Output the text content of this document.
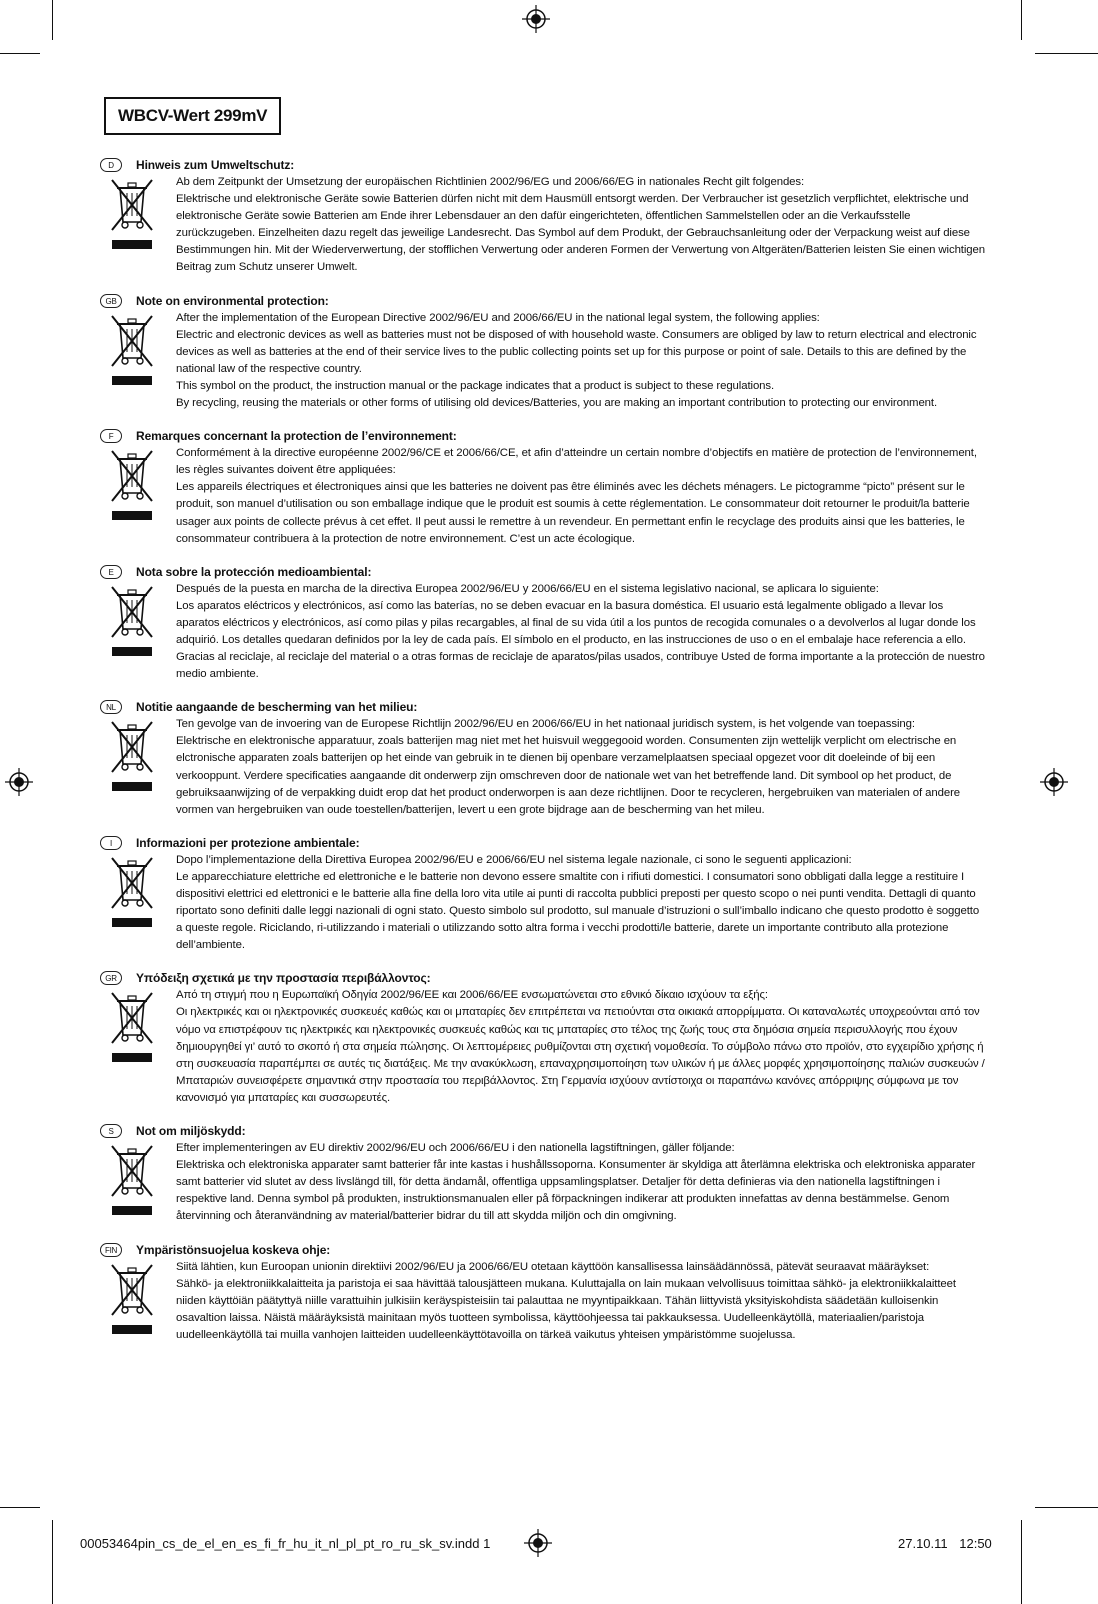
WBCV-Wert 299mV
D	Hinweis zum Umweltschutz:

Ab dem Zeitpunkt der Umsetzung der europäischen Richtlinien 2002/96/EG und 2006/66/EG in nationales Recht gilt folgendes:

Elektrische und elektronische Geräte sowie Batterien dürfen nicht mit dem Hausmüll entsorgt werden. Der Verbraucher ist gesetzlich verpflichtet, elektrische und elektronische Geräte sowie Batterien am Ende ihrer Lebensdauer an den dafür eingerichteten, öffentlichen Sammelstellen oder an die Verkaufsstelle zurückzugeben. Einzelheiten dazu regelt das jeweilige Landesrecht. Das Symbol auf dem Produkt, der Gebrauchsanleitung oder der Verpackung weist auf diese Bestimmungen hin. Mit der Wiederverwertung, der stofflichen Verwertung oder anderen Formen der Verwertung von Altgeräten/Batterien leisten Sie einen wichtigen Beitrag zum Schutz unserer Umwelt.

GB	Note on environmental protection:

After the implementation of the European Directive 2002/96/EU and 2006/66/EU in the national legal system, the following applies:

Electric and electronic devices as well as batteries must not be disposed of with household waste. Consumers are obliged by law to return electrical and electronic devices as well as batteries at the end of their service lives to the public collecting points set up for this purpose or point of sale. Details to this are defined by the national law of the respective country.

This symbol on the product, the instruction manual or the package indicates that a product is subject to these regulations.

By recycling, reusing the materials or other forms of utilising old devices/Batteries, you are making an important contribution to protecting our environment.

F	Remarques concernant la protection de l’environnement:

Conformément à la directive européenne 2002/96/CE et 2006/66/CE, et afin d’atteindre un certain nombre d’objectifs en matière de protection de l’environnement, les règles suivantes doivent être appliquées:

Les appareils électriques et électroniques ainsi que les batteries ne doivent pas être éliminés avec les déchets ménagers. Le pictogramme “picto” présent sur le produit, son manuel d’utilisation ou son emballage indique que le produit est soumis à cette réglementation. Le consommateur doit retourner le produit/la batterie usager aux points de collecte prévus à cet effet. Il peut aussi le remettre à un revendeur. En permettant enfin le recyclage des produits ainsi que les batteries, le consommateur contribuera à la protection de notre environnement. C’est un acte écologique.

E	Nota sobre la protección medioambiental:

Después de la puesta en marcha de la directiva Europea 2002/96/EU y 2006/66/EU en el sistema legislativo nacional, se aplicara lo siguiente:

Los aparatos eléctricos y electrónicos, así como las baterías, no se deben evacuar en la basura doméstica. El usuario está legalmente obligado a llevar los aparatos eléctricos y electrónicos, así como pilas y pilas recargables, al final de su vida útil a los puntos de recogida comunales o a devolverlos al lugar donde los adquirió. Los detalles quedaran definidos por la ley de cada país. El símbolo en el producto, en las instrucciones de uso o en el embalaje hace referencia a ello. Gracias al reciclaje, al reciclaje del material o a otras formas de reciclaje de aparatos/pilas usados, contribuye Usted de forma importante a la protección de nuestro medio ambiente.

NL	Notitie aangaande de bescherming van het milieu:

Ten gevolge van de invoering van de Europese Richtlijn 2002/96/EU en 2006/66/EU in het nationaal juridisch system, is het volgende van toepassing:

Elektrische en elektronische apparatuur, zoals batterijen mag niet met het huisvuil weggegooid worden. Consumenten zijn wettelijk verplicht om electrische en elctronische apparaten zoals batterijen op het einde van gebruik in te dienen bij openbare verzamelplaatsen speciaal opgezet voor dit doeleinde of bij een verkooppunt. Verdere specificaties aangaande dit onderwerp zijn omschreven door de nationale wet van het betreffende land. Dit symbool op het product, de gebruiksaanwijzing of de verpakking duidt erop dat het product onderworpen is aan deze richtlijnen. Door te recycleren, hergebruiken van materialen of andere vormen van hergebruiken van oude toestellen/batterijen, levert u een grote bijdrage aan de bescherming van het mileu.

I	Informazioni per protezione ambientale:

Dopo l’implementazione della Direttiva Europea 2002/96/EU e 2006/66/EU nel sistema legale nazionale, ci sono le seguenti applicazioni:

Le apparecchiature elettriche ed elettroniche e le batterie non devono essere smaltite con i rifiuti domestici. I consumatori sono obbligati dalla legge a restituire I dispositivi elettrici ed elettronici e le batterie alla fine della loro vita utile ai punti di raccolta pubblici preposti per questo scopo o nei punti vendita. Dettagli di quanto riportato sono definiti dalle leggi nazionali di ogni stato. Questo simbolo sul prodotto, sul manuale d’istruzioni o sull’imballo indicano che questo prodotto è soggetto a queste regole. Riciclando, ri-utilizzando i materiali o utilizzando sotto altra forma i vecchi prodotti/le batterie, darete un importante contributo alla protezione dell’ambiente.

GR	Υπόδειξη σχετικά με την προστασία περιβάλλοντος:

Από τη στιγμή που η Ευρωπαϊκή Οδηγία 2002/96/ΕΕ και 2006/66/ΕΕ ενσωματώνεται στο εθνικό δίκαιο ισχύουν τα εξής:

Οι ηλεκτρικές και οι ηλεκτρονικές συσκευές καθώς και οι μπαταρίες δεν επιτρέπεται να πετιούνται στα οικιακά απορρίμματα. Οι καταναλωτές υποχρεούνται από τον νόμο να επιστρέφουν τις ηλεκτρικές και ηλεκτρονικές συσκευές καθώς και τις μπαταρίες στο τέλος της ζωής τους στα δημόσια σημεία περισυλλογής που έχουν δημιουργηθεί γι’ αυτό το σκοπό ή στα σημεία πώλησης. Οι λεπτομέρειες ρυθμίζονται στη σχετική νομοθεσία. Το σύμβολο πάνω στο προϊόν, στο εγχειρίδιο χρήσης ή στη συσκευασία παραπέμπει σε αυτές τις διατάξεις. Με την ανακύκλωση, επαναχρησιμοποίηση των υλικών ή με άλλες μορφές χρησιμοποίησης παλιών συσκευών / Μπαταριών συνεισφέρετε σημαντικά στην προστασία του περιβάλλοντος. Στη Γερμανία ισχύουν αντίστοιχα οι παραπάνω κανόνες απόρριψης σύμφωνα με τον κανονισμό για μπαταρίες και συσσωρευτές.

S	Not om miljöskydd:

Efter implementeringen av EU direktiv 2002/96/EU och 2006/66/EU i den nationella lagstiftningen, gäller följande:

Elektriska och elektroniska apparater samt batterier får inte kastas i hushållssoporna. Konsumenter är skyldiga att återlämna elektriska och elektroniska apparater samt batterier vid slutet av dess livslängd till, för detta ändamål, offentliga uppsamlingsplatser. Detaljer för detta definieras via den nationella lagstiftningen i respektive land. Denna symbol på produkten, instruktionsmanualen eller på förpackningen indikerar att produkten innefattas av denna bestämmelse. Genom återvinning och återanvändning av material/batterier bidrar du till att skydda miljön och din omgivning.

FIN	Ympäristönsuojelua koskeva ohje:

Siitä lähtien, kun Euroopan unionin direktiivi 2002/96/EU ja 2006/66/EU otetaan käyttöön kansallisessa lainsäädännössä, pätevät seuraavat määräykset:

Sähkö- ja elektroniikkalaitteita ja paristoja ei saa hävittää talousjätteen mukana. Kuluttajalla on lain mukaan velvollisuus toimittaa sähkö- ja elektroniikkalaitteet niiden käyttöiän päätyttyä niille varattuihin julkisiin keräyspisteisiin tai palauttaa ne myyntipaikkaan. Tähän liittyvistä yksityiskohdista säädetään kulloisenkin osavaltion laissa. Näistä määräyksistä mainitaan myös tuotteen symbolissa, käyttöohjeessa tai pakkauksessa. Uudelleenkäytöllä, materiaalien/paristoja uudelleenkäytöllä tai muilla vanhojen laitteiden uudelleenkäyttötavoilla on tärkeä vaikutus yhteisen ympäristömme suojelussa.

00053464pin_cs_de_el_en_es_fi_fr_hu_it_nl_pl_pt_ro_ru_sk_sv.indd 1	27.10.11 12:50
